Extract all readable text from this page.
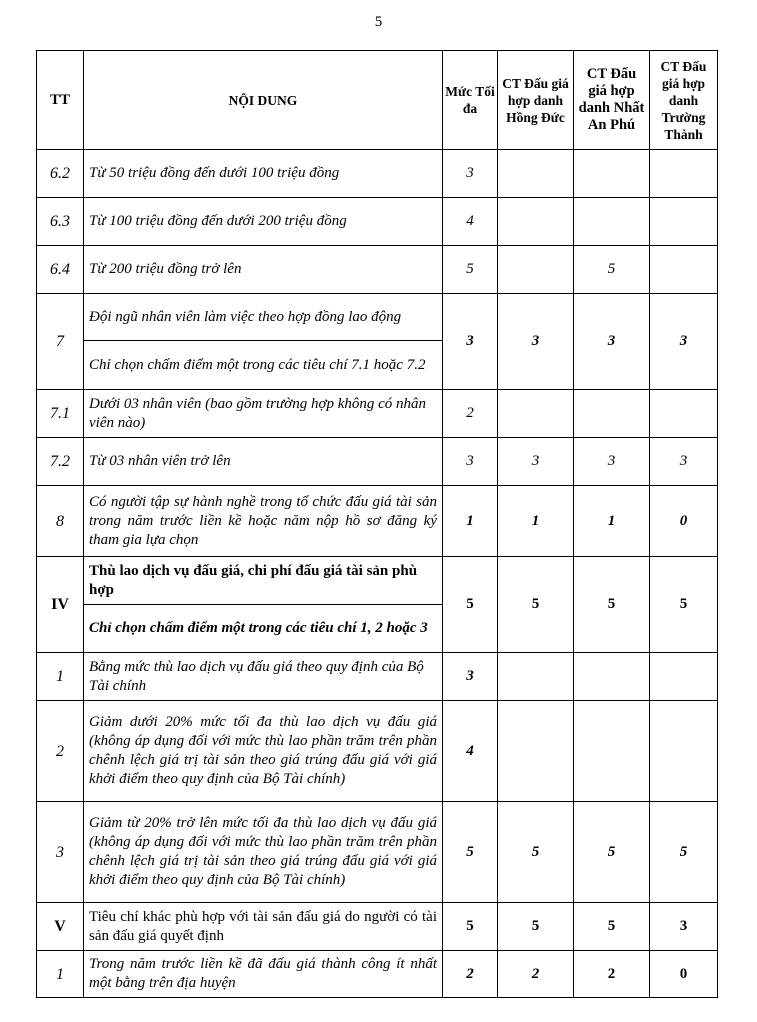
5
TT	NỘI DUNG	Mức Tối đa	CT Đấu giá hợp danh Hồng Đức	CT Đấu giá hợp danh Nhất An Phú	CT Đấu giá hợp danh Trường Thành
6.2	Từ 50 triệu đồng đến dưới 100 triệu đồng	3			
6.3	Từ 100 triệu đồng đến dưới 200 triệu đồng	4			
6.4	Từ 200 triệu đồng trở lên	5		5	
7	Đội ngũ nhân viên làm việc theo hợp đồng lao động	3	3	3	3
	Chỉ chọn chấm điểm một trong các tiêu chí 7.1 hoặc 7.2				
7.1	Dưới 03 nhân viên (bao gồm trường hợp không có nhân viên nào)	2			
7.2	Từ 03 nhân viên trở lên	3	3	3	3
8	Có người tập sự hành nghề trong tổ chức đấu giá tài sản trong năm trước liền kề hoặc năm nộp hồ sơ đăng ký tham gia lựa chọn	1	1	1	0
IV	Thù lao dịch vụ đấu giá, chi phí đấu giá tài sản phù hợp	5	5	5	5
	Chỉ chọn chấm điểm một trong các tiêu chí 1, 2 hoặc 3				
1	Bằng mức thù lao dịch vụ đấu giá theo quy định của Bộ Tài chính	3			
2	Giảm dưới 20% mức tối đa thù lao dịch vụ đấu giá (không áp dụng đối với mức thù lao phần trăm trên phần chênh lệch giá trị tài sản theo giá trúng đấu giá với giá khởi điểm theo quy định của Bộ Tài chính)	4			
3	Giảm từ 20% trở lên mức tối đa thù lao dịch vụ đấu giá (không áp dụng đối với mức thù lao phần trăm trên phần chênh lệch giá trị tài sản theo giá trúng đấu giá với giá khởi điểm theo quy định của Bộ Tài chính)	5	5	5	5
V	Tiêu chí khác phù hợp với tài sản đấu giá do người có tài sản đấu giá quyết định	5	5	5	3
1	Trong năm trước liền kề đã đấu giá thành công ít nhất một bằng trên địa huyện	2	2	2	0
